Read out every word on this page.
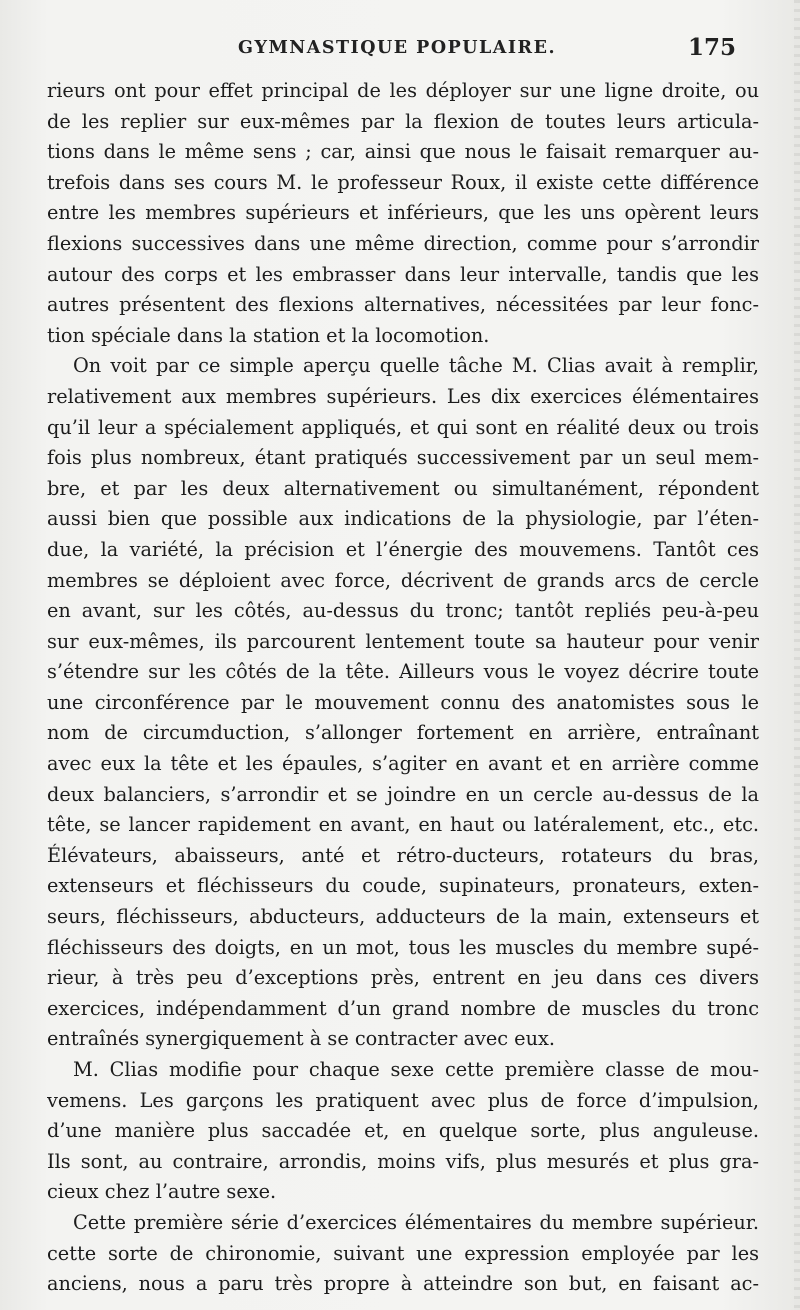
GYMNASTIQUE POPULAIRE.	175
rieurs ont pour effet principal de les déployer sur une ligne droite, ou
de les replier sur eux-mêmes par la flexion de toutes leurs articula-
tions dans le même sens ; car, ainsi que nous le faisait remarquer au-
trefois dans ses cours M. le professeur Roux, il existe cette différence
entre les membres supérieurs et inférieurs, que les uns opèrent leurs
flexions successives dans une même direction, comme pour s’arrondir
autour des corps et les embrasser dans leur intervalle, tandis que les
autres présentent des flexions alternatives, nécessitées par leur fonc-
tion spéciale dans la station et la locomotion.
On voit par ce simple aperçu quelle tâche M. Clias avait à remplir,
relativement aux membres supérieurs. Les dix exercices élémentaires
qu’il leur a spécialement appliqués, et qui sont en réalité deux ou trois
fois plus nombreux, étant pratiqués successivement par un seul mem-
bre, et par les deux alternativement ou simultanément, répondent
aussi bien que possible aux indications de la physiologie, par l’éten-
due, la variété, la précision et l’énergie des mouvemens. Tantôt ces
membres se déploient avec force, décrivent de grands arcs de cercle
en avant, sur les côtés, au-dessus du tronc; tantôt repliés peu-à-peu
sur eux-mêmes, ils parcourent lentement toute sa hauteur pour venir
s’étendre sur les côtés de la tête. Ailleurs vous le voyez décrire toute
une circonférence par le mouvement connu des anatomistes sous le
nom de circumduction, s’allonger fortement en arrière, entraînant
avec eux la tête et les épaules, s’agiter en avant et en arrière comme
deux balanciers, s’arrondir et se joindre en un cercle au-dessus de la
tête, se lancer rapidement en avant, en haut ou latéralement, etc., etc.
Élévateurs, abaisseurs, anté et rétro-ducteurs, rotateurs du bras,
extenseurs et fléchisseurs du coude, supinateurs, pronateurs, exten-
seurs, fléchisseurs, abducteurs, adducteurs de la main, extenseurs et
fléchisseurs des doigts, en un mot, tous les muscles du membre supé-
rieur, à très peu d’exceptions près, entrent en jeu dans ces divers
exercices, indépendamment d’un grand nombre de muscles du tronc
entraînés synergiquement à se contracter avec eux.
M. Clias modifie pour chaque sexe cette première classe de mou-
vemens. Les garçons les pratiquent avec plus de force d’impulsion,
d’une manière plus saccadée et, en quelque sorte, plus anguleuse.
Ils sont, au contraire, arrondis, moins vifs, plus mesurés et plus gra-
cieux chez l’autre sexe.
Cette première série d’exercices élémentaires du membre supérieur.
cette sorte de chironomie, suivant une expression employée par les
anciens, nous a paru très propre à atteindre son but, en faisant ac-
